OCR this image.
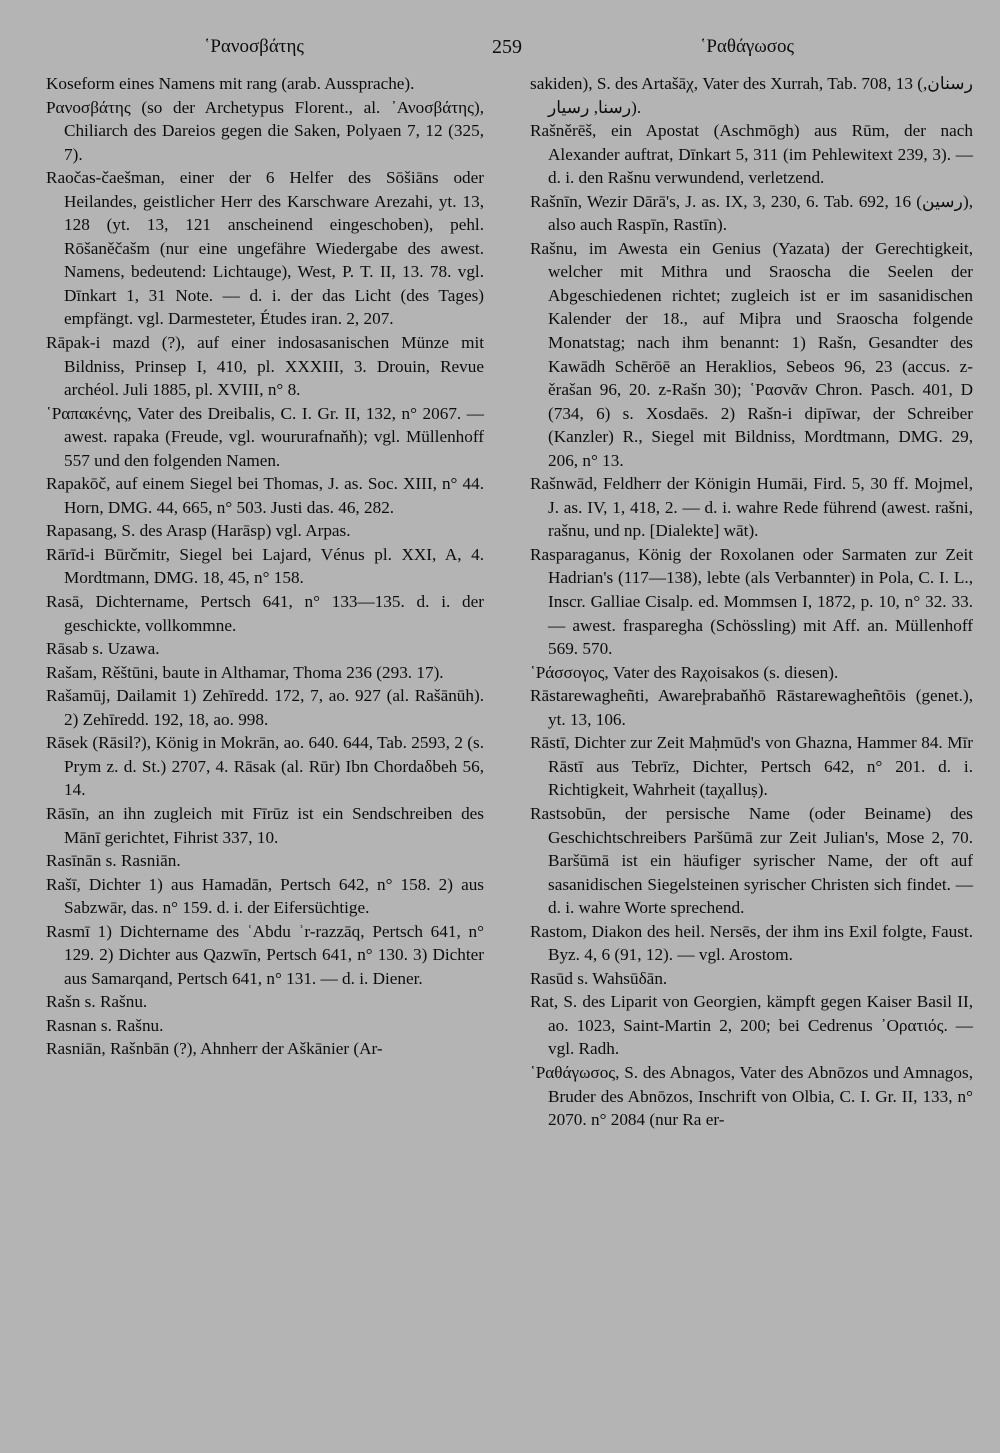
῾Ρανοσβάτης	259	῾Ραθάγωσος

Koseform eines Namens mit rang (arab. Aussprache).

Ρανοσβάτης (so der Archetypus Florent., al. ᾿Ανοσβάτης), Chiliarch des Dareios gegen die Saken, Polyaen 7, 12 (325, 7).

Raočas-čaešman, einer der 6 Helfer des Sōšiāns oder Heilandes, geistlicher Herr des Karschware Arezahi, yt. 13, 128 (yt. 13, 121 anscheinend eingeschoben), pehl. Rōšaněčašm (nur eine ungefähre Wiedergabe des awest. Namens, bedeutend: Lichtauge), West, P. T. II, 13. 78. vgl. Dīnkart 1, 31 Note. — d. i. der das Licht (des Tages) empfängt. vgl. Darmesteter, Études iran. 2, 207.

Rāpak-i mazd (?), auf einer indosasanischen Münze mit Bildniss, Prinsep I, 410, pl. XXXIII, 3. Drouin, Revue archéol. Juli 1885, pl. XVIII, n° 8.

῾Ραπακένης, Vater des Dreibalis, C. I. Gr. II, 132, n° 2067. — awest. rapaka (Freude, vgl. woururafnaňh); vgl. Müllenhoff 557 und den folgenden Namen.

Rapakōč, auf einem Siegel bei Thomas, J. as. Soc. XIII, n° 44. Horn, DMG. 44, 665, n° 503. Justi das. 46, 282.

Rapasang, S. des Arasp (Harāsp) vgl. Arpas.

Rārīd-i Būrčmitr, Siegel bei Lajard, Vénus pl. XXI, A, 4. Mordtmann, DMG. 18, 45, n° 158.

Rasā, Dichtername, Pertsch 641, n° 133—135. d. i. der geschickte, vollkommne.

Rāsab s. Uzawa.

Rašam, Rěštūni, baute in Althamar, Thoma 236 (293. 17).

Rašamūj, Dailamit 1) Zehīredd. 172, 7, ao. 927 (al. Rašānūh). 2) Zehīredd. 192, 18, ao. 998.

Rāsek (Rāsil?), König in Mokrān, ao. 640. 644, Tab. 2593, 2 (s. Prym z. d. St.) 2707, 4. Rāsak (al. Rūr) Ibn Chordaδbeh 56, 14.

Rāsīn, an ihn zugleich mit Fīrūz ist ein Sendschreiben des Mānī gerichtet, Fihrist 337, 10.

Rasīnān s. Rasniān.

Rašī, Dichter 1) aus Hamadān, Pertsch 642, n° 158. 2) aus Sabzwār, das. n° 159. d. i. der Eifersüchtige.

Rasmī 1) Dichtername des ʿAbdu ʾr-razzāq, Pertsch 641, n° 129. 2) Dichter aus Qazwīn, Pertsch 641, n° 130. 3) Dichter aus Samarqand, Pertsch 641, n° 131. — d. i. Diener.

Rašn s. Rašnu.

Rasnan s. Rašnu.

Rasniān, Rašnbān (?), Ahnherr der Aškānier (Ar-

sakiden), S. des Artašāχ, Vater des Xurrah, Tab. 708, 13 (رسنان, رسنا, رسیار).

Rašněrēš, ein Apostat (Aschmōgh) aus Rūm, der nach Alexander auftrat, Dīnkart 5, 311 (im Pehlewitext 239, 3). — d. i. den Rašnu verwundend, verletzend.

Rašnīn, Wezir Dārā's, J. as. IX, 3, 230, 6. Tab. 692, 16 (رسین), also auch Raspīn, Rastīn).

Rašnu, im Awesta ein Genius (Yazata) der Gerechtigkeit, welcher mit Mithra und Sraoscha die Seelen der Abgeschiedenen richtet; zugleich ist er im sasanidischen Kalender der 18., auf Miþra und Sraoscha folgende Monatstag; nach ihm benannt: 1) Rašn, Gesandter des Kawādh Schērōē an Heraklios, Sebeos 96, 23 (accus. z-ěrašan 96, 20. z-Rašn 30); ῾Ρασνᾶν Chron. Pasch. 401, D (734, 6) s. Xosdaēs. 2) Rašn-i dipīwar, der Schreiber (Kanzler) R., Siegel mit Bildniss, Mordtmann, DMG. 29, 206, n° 13.

Rašnwād, Feldherr der Königin Humāi, Fird. 5, 30 ff. Mojmel, J. as. IV, 1, 418, 2. — d. i. wahre Rede führend (awest. rašni, rašnu, und np. [Dialekte] wāt).

Rasparaganus, König der Roxolanen oder Sarmaten zur Zeit Hadrian's (117—138), lebte (als Verbannter) in Pola, C. I. L., Inscr. Galliae Cisalp. ed. Mommsen I, 1872, p. 10, n° 32. 33. — awest. frasparegha (Schössling) mit Aff. an. Müllenhoff 569. 570.

῾Ράσσογος, Vater des Raχoisakos (s. diesen).

Rāstarewagheñti, Awareþrabaňhō Rāstarewagheñtōis (genet.), yt. 13, 106.

Rāstī, Dichter zur Zeit Maḥmūd's von Ghazna, Hammer 84. Mīr Rāstī aus Tebrīz, Dichter, Pertsch 642, n° 201. d. i. Richtigkeit, Wahrheit (taχalluṣ).

Rastsobūn, der persische Name (oder Beiname) des Geschichtschreibers Paršūmā zur Zeit Julian's, Mose 2, 70. Baršūmā ist ein häufiger syrischer Name, der oft auf sasanidischen Siegelsteinen syrischer Christen sich findet. — d. i. wahre Worte sprechend.

Rastom, Diakon des heil. Nersēs, der ihm ins Exil folgte, Faust. Byz. 4, 6 (91, 12). — vgl. Arostom.

Rasūd s. Wahsūδān.

Rat, S. des Liparit von Georgien, kämpft gegen Kaiser Basil II, ao. 1023, Saint-Martin 2, 200; bei Cedrenus ᾿Ορατιός. — vgl. Radh.

῾Ραθάγωσος, S. des Abnagos, Vater des Abnōzos und Amnagos, Bruder des Abnōzos, Inschrift von Olbia, C. I. Gr. II, 133, n° 2070. n° 2084 (nur Ra er-
